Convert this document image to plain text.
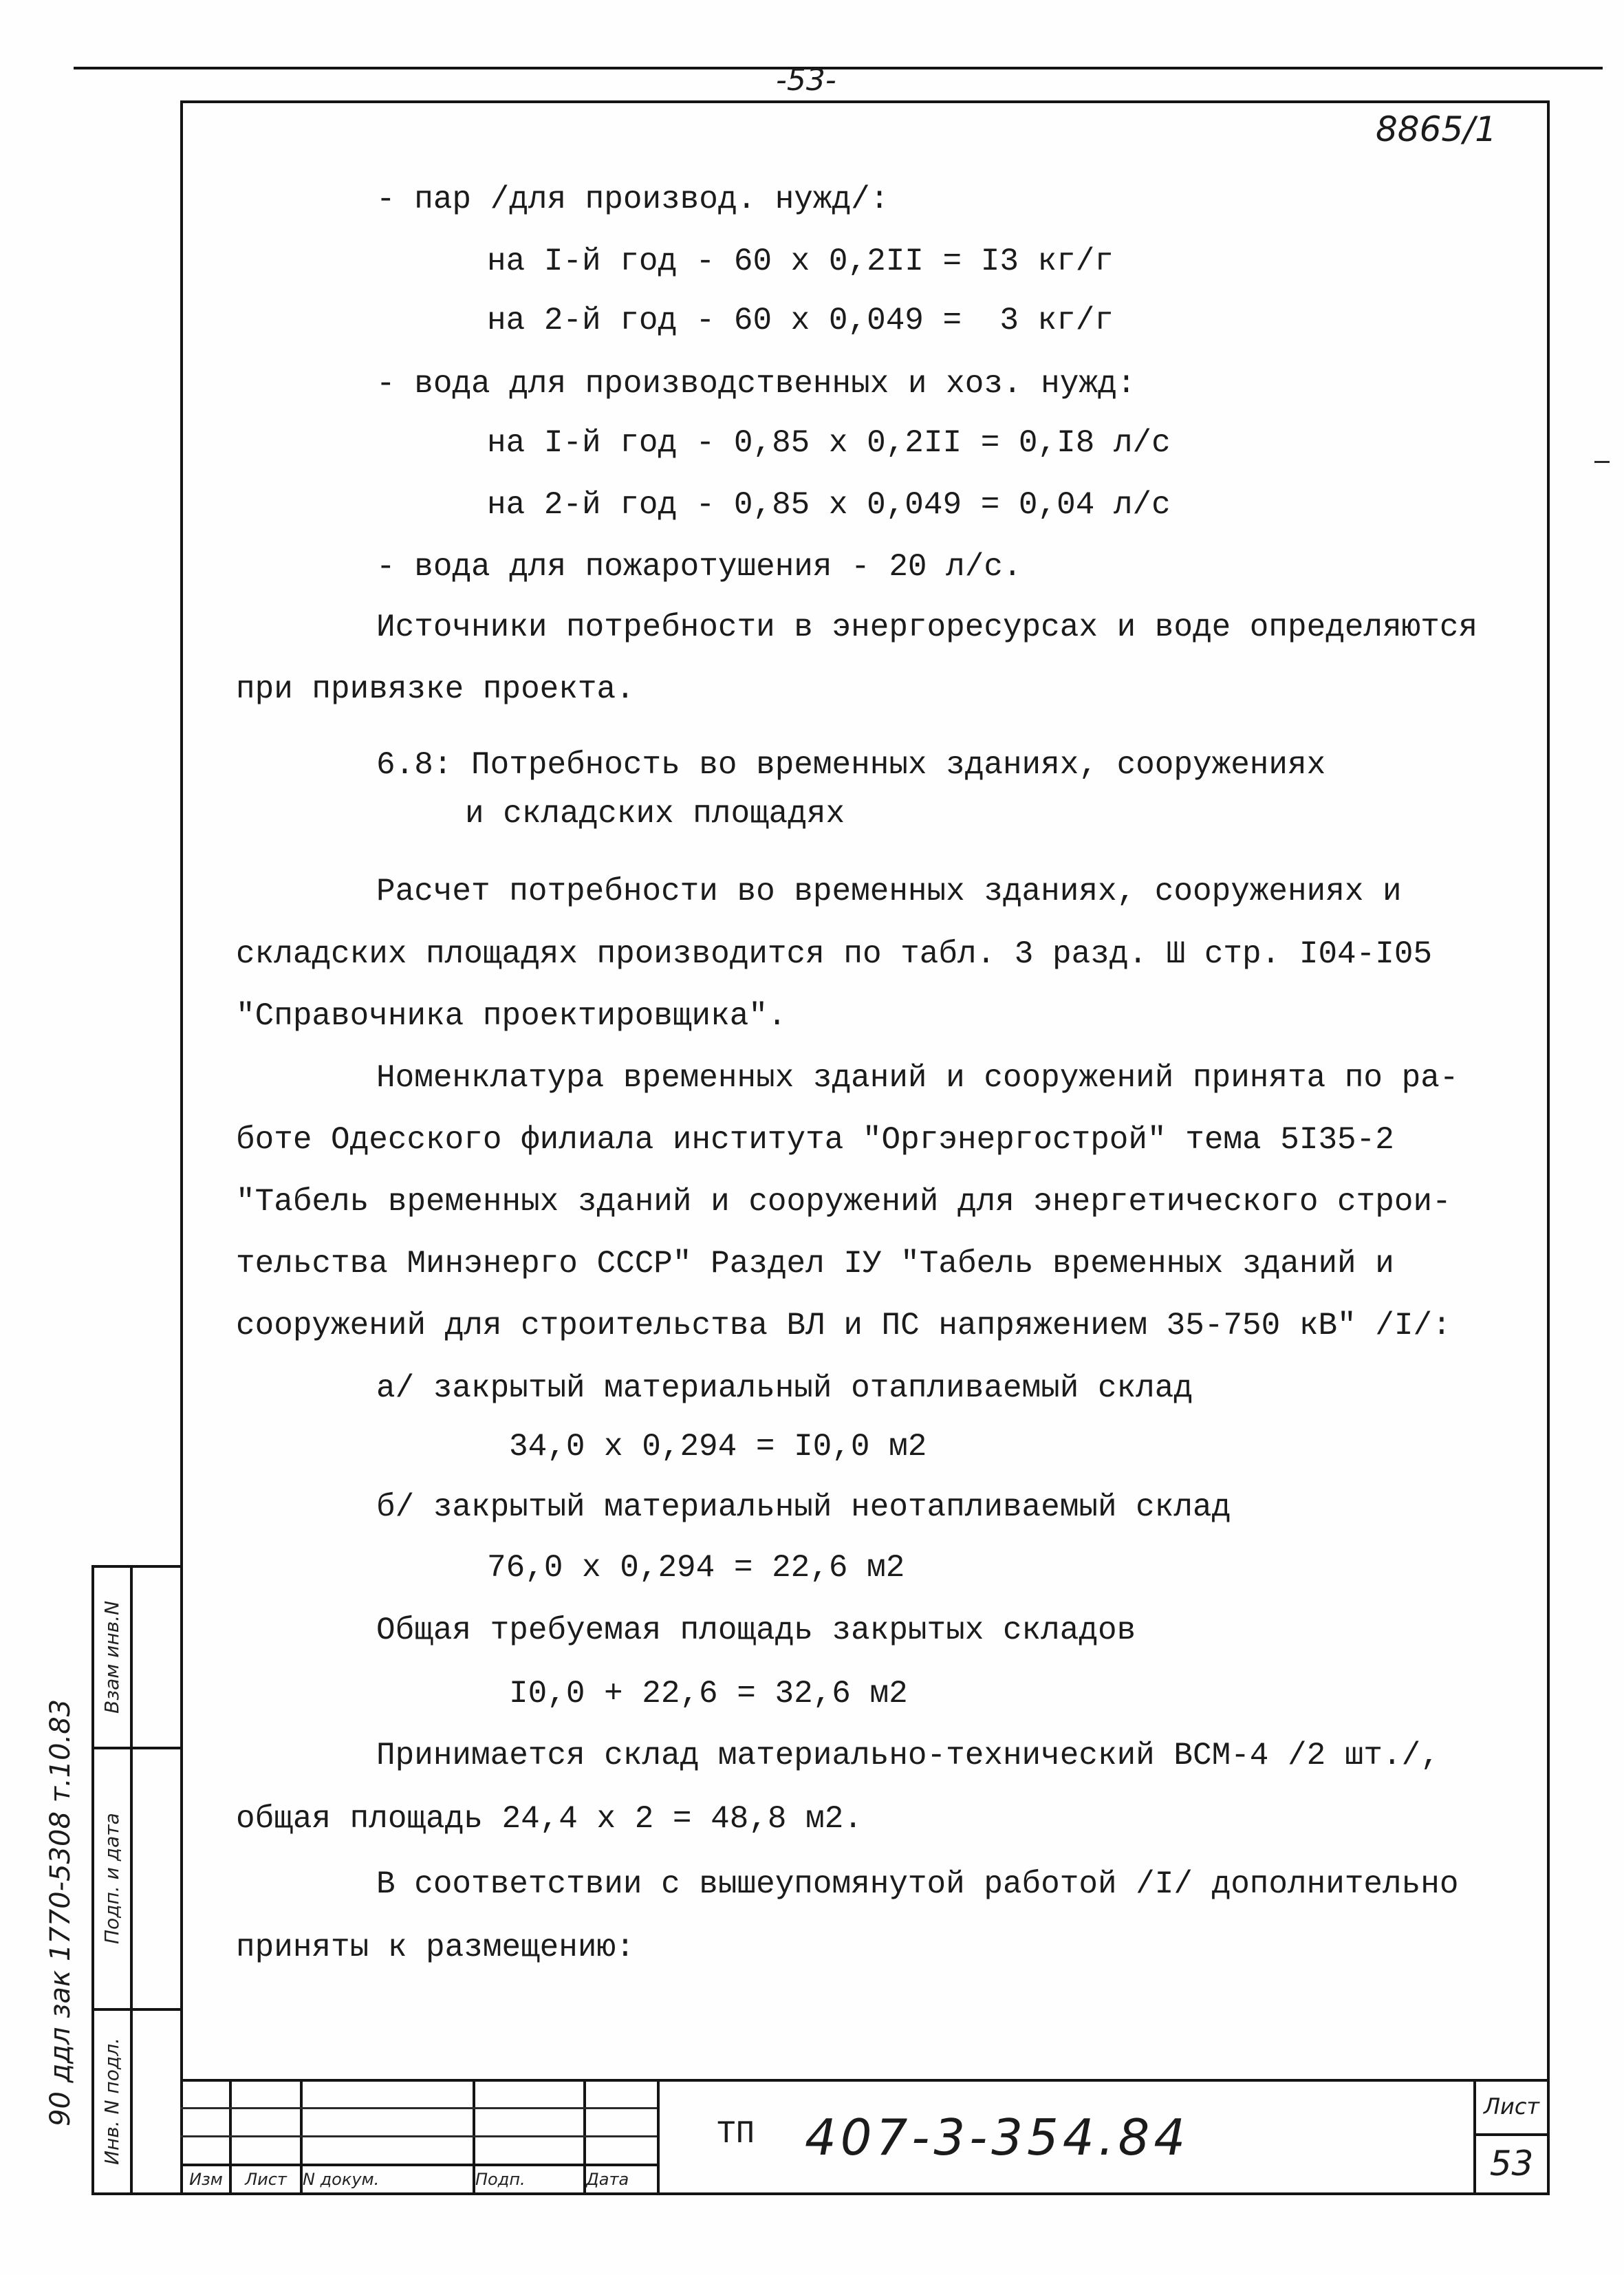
-53-
8865/1
- пар /для производ. нужд/:
на I-й год - 60 х 0,2II = I3 кг/г
на 2-й год - 60 х 0,049 =  3 кг/г
- вода для производственных и хоз. нужд:
на I-й год - 0,85 х 0,2II = 0,I8 л/с
на 2-й год - 0,85 х 0,049 = 0,04 л/с
- вода для пожаротушения - 20 л/с.
Источники потребности в энергоресурсах и воде определяются
при привязке проекта.
6.8: Потребность во временных зданиях, сооружениях
и складских площадях
Расчет потребности во временных зданиях, сооружениях и
складских площадях производится по табл. 3 разд. Ш стр. I04-I05
"Справочника проектировщика".
Номенклатура временных зданий и сооружений принята по ра-
боте Одесского филиала института "Оргэнергострой" тема 5I35-2
"Табель временных зданий и сооружений для энергетического строи-
тельства Минэнерго СССР" Раздел IУ "Табель временных зданий и
сооружений для строительства ВЛ и ПС напряжением 35-750 кВ" /I/:
а/ закрытый материальный отапливаемый склад
34,0 х 0,294 = I0,0 м2
б/ закрытый материальный неотапливаемый склад
76,0 х 0,294 = 22,6 м2
Общая требуемая площадь закрытых складов
I0,0 + 22,6 = 32,6 м2
Принимается склад материально-технический ВСМ-4 /2 шт./,
общая площадь 24,4 х 2 = 48,8 м2.
В соответствии с вышеупомянутой работой /I/ дополнительно
приняты к размещению:
Изм	Лист N докум.	Подп.	Дата
ТП 407-3-354.84
Лист
53
Взам инв.N
Подп. и дата
Инв. N подл.
90 ддл зак 1770-5308 т.10.83
